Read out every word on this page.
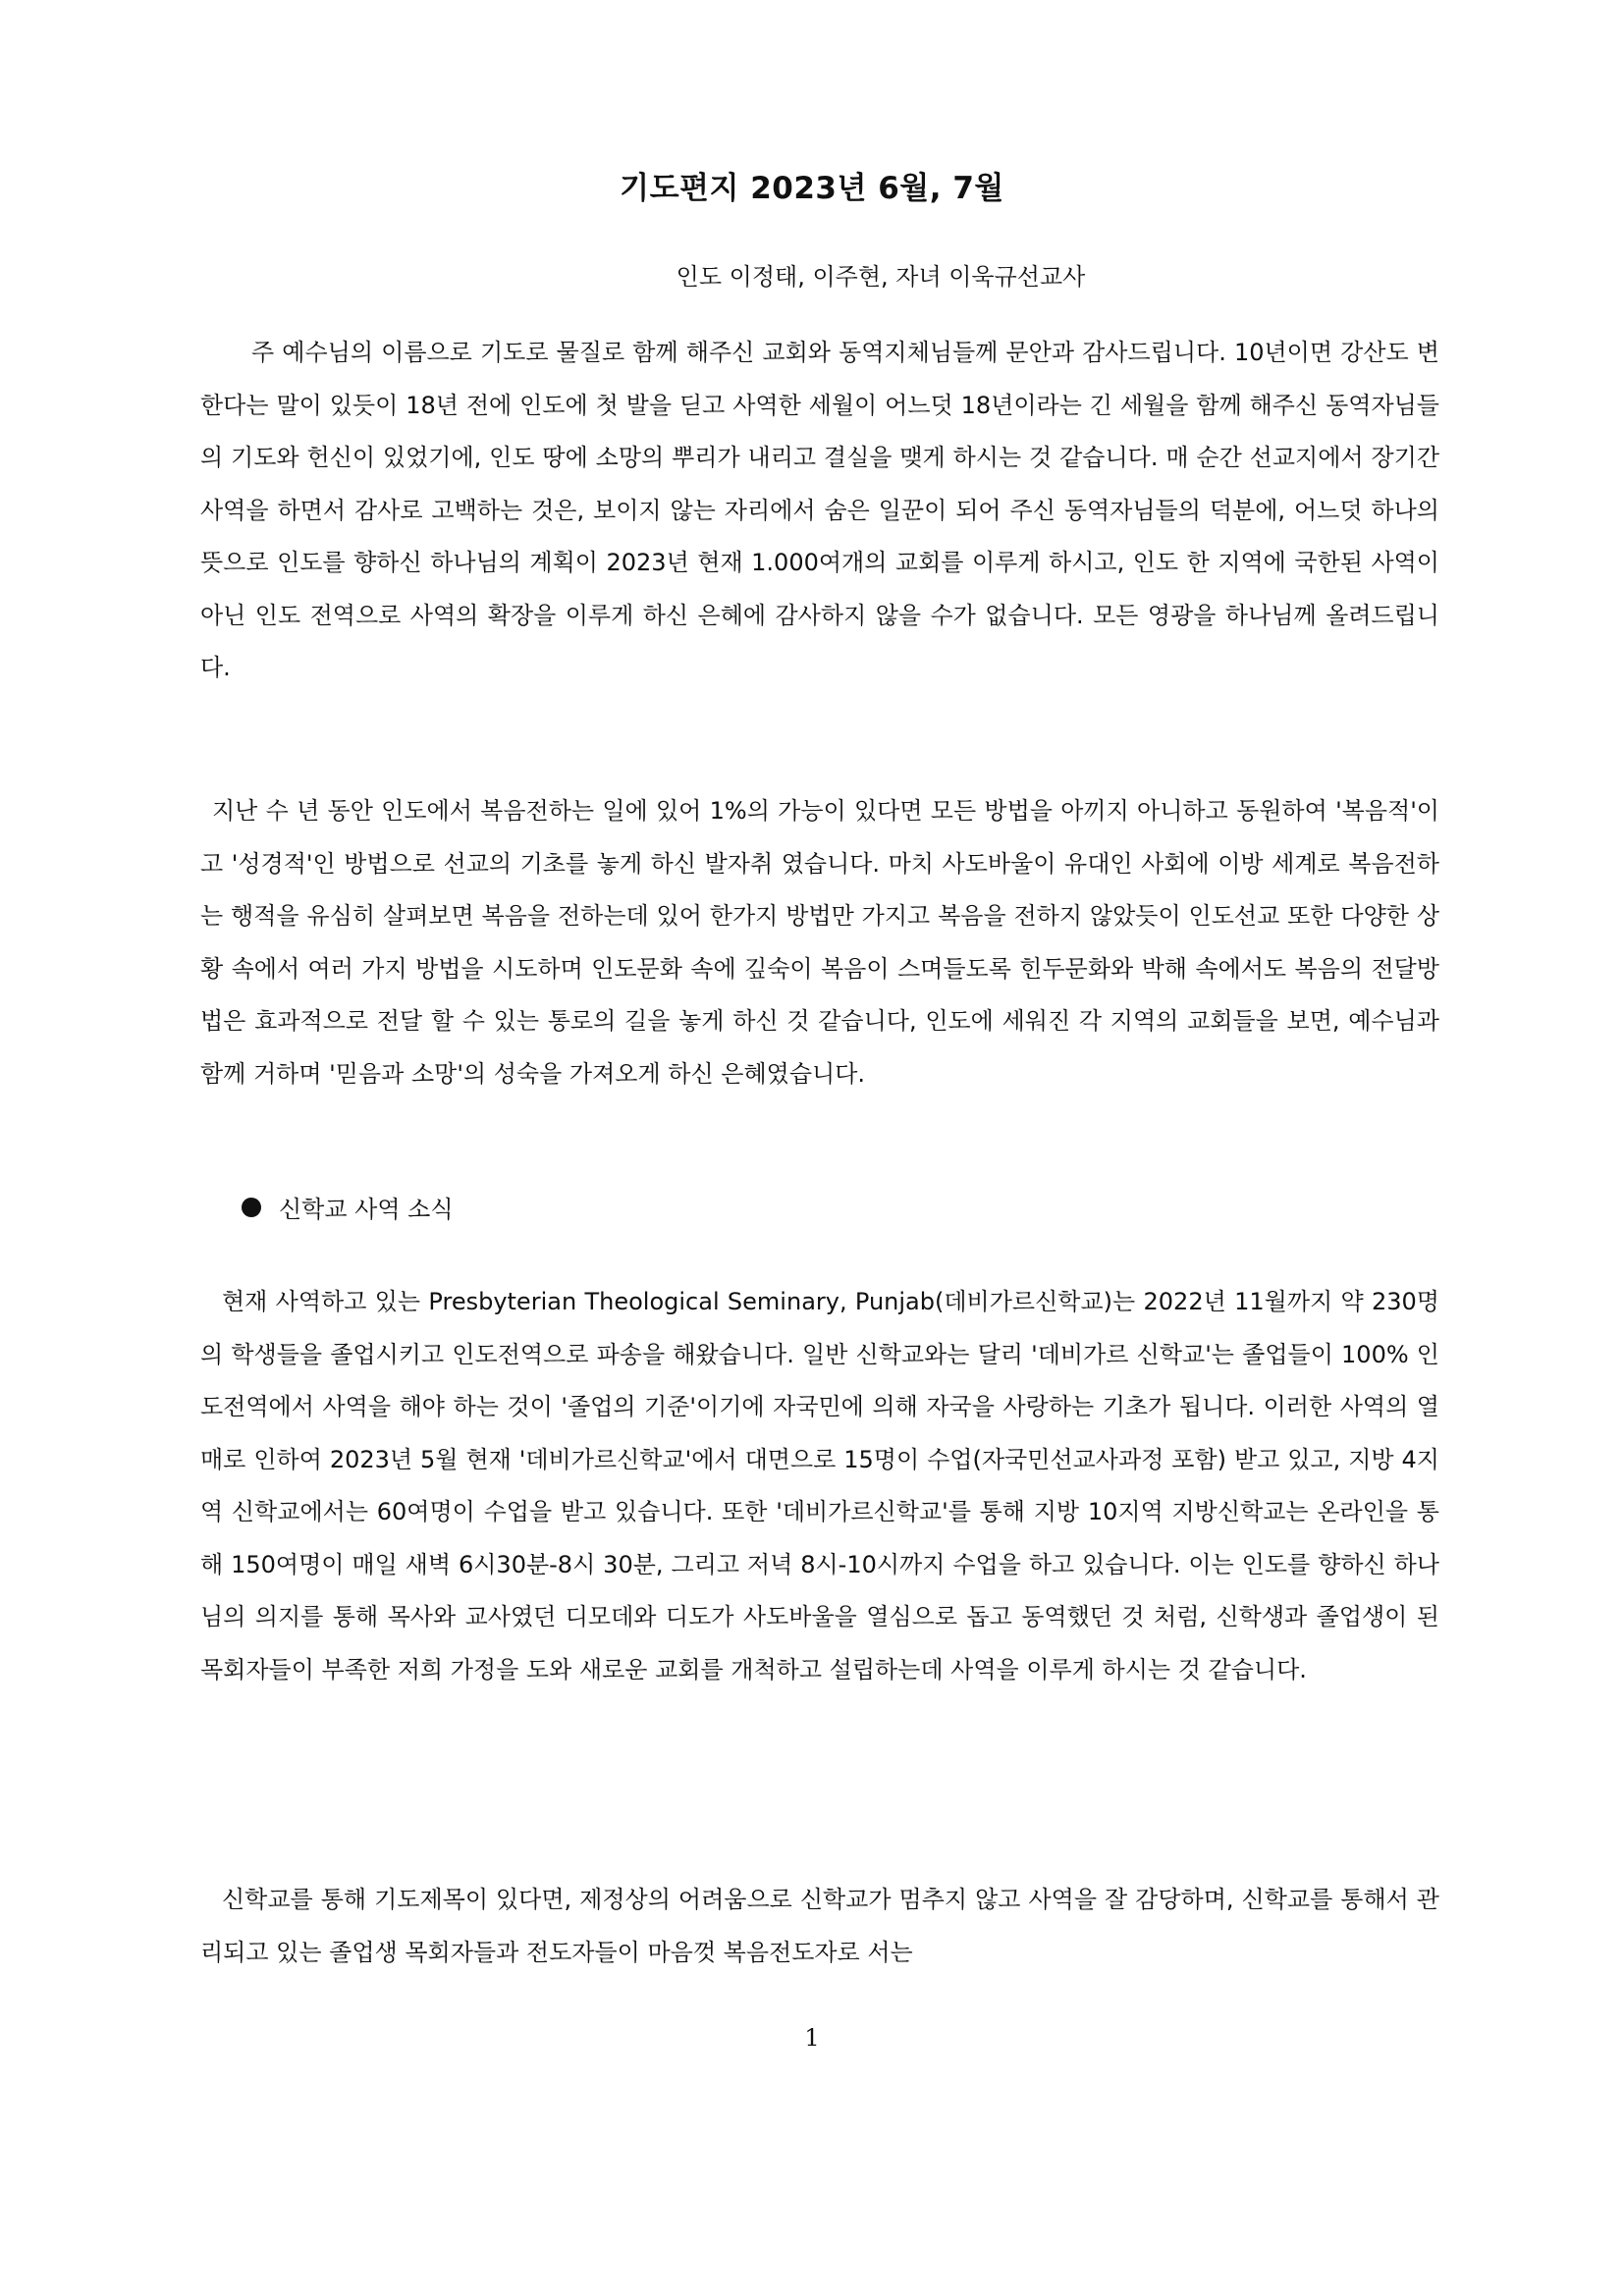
기도편지 2023년 6월, 7월
인도 이정태, 이주현, 자녀 이욱규선교사

주 예수님의 이름으로 기도로 물질로 함께 해주신 교회와 동역지체님들께 문안과 감사드립니다. 10년이면 강산도 변한다는 말이 있듯이 18년 전에 인도에 첫 발을 딛고 사역한 세월이 어느덧 18년이라는 긴 세월을 함께 해주신 동역자님들의 기도와 헌신이 있었기에, 인도 땅에 소망의 뿌리가 내리고 결실을 맺게 하시는 것 같습니다. 매 순간 선교지에서 장기간 사역을 하면서 감사로 고백하는 것은, 보이지 않는 자리에서 숨은 일꾼이 되어 주신 동역자님들의 덕분에, 어느덧 하나의 뜻으로 인도를 향하신 하나님의 계획이 2023년 현재 1.000여개의 교회를 이루게 하시고, 인도 한 지역에 국한된 사역이 아닌 인도 전역으로 사역의 확장을 이루게 하신 은혜에 감사하지 않을 수가 없습니다. 모든 영광을 하나님께 올려드립니다.

지난 수 년 동안 인도에서 복음전하는 일에 있어 1%의 가능이 있다면 모든 방법을 아끼지 아니하고 동원하여 '복음적'이고 '성경적'인 방법으로 선교의 기초를 놓게 하신 발자취 였습니다. 마치 사도바울이 유대인 사회에 이방 세계로 복음전하는 행적을 유심히 살펴보면 복음을 전하는데 있어 한가지 방법만 가지고 복음을 전하지 않았듯이 인도선교 또한 다양한 상황 속에서 여러 가지 방법을 시도하며 인도문화 속에 깊숙이 복음이 스며들도록 힌두문화와 박해 속에서도 복음의 전달방법은 효과적으로 전달 할 수 있는 통로의 길을 놓게 하신 것 같습니다, 인도에 세워진 각 지역의 교회들을 보면, 예수님과 함께 거하며 '믿음과 소망'의 성숙을 가져오게 하신 은혜였습니다.

신학교 사역 소식

현재 사역하고 있는 Presbyterian Theological Seminary, Punjab(데비가르신학교)는 2022년 11월까지 약 230명의 학생들을 졸업시키고 인도전역으로 파송을 해왔습니다. 일반 신학교와는 달리 '데비가르 신학교'는 졸업들이 100% 인도전역에서 사역을 해야 하는 것이 '졸업의 기준'이기에 자국민에 의해 자국을 사랑하는 기초가 됩니다. 이러한 사역의 열매로 인하여 2023년 5월 현재 '데비가르신학교'에서 대면으로 15명이 수업(자국민선교사과정 포함) 받고 있고, 지방 4지역 신학교에서는 60여명이 수업을 받고 있습니다. 또한 '데비가르신학교'를 통해 지방 10지역 지방신학교는 온라인을 통해 150여명이 매일 새벽 6시30분-8시 30분, 그리고 저녁 8시-10시까지 수업을 하고 있습니다. 이는 인도를 향하신 하나님의 의지를 통해 목사와 교사였던 디모데와 디도가 사도바울을 열심으로 돕고 동역했던 것 처럼, 신학생과 졸업생이 된 목회자들이 부족한 저희 가정을 도와 새로운 교회를 개척하고 설립하는데 사역을 이루게 하시는 것 같습니다.

신학교를 통해 기도제목이 있다면, 제정상의 어려움으로 신학교가 멈추지 않고 사역을 잘 감당하며, 신학교를 통해서 관리되고 있는 졸업생 목회자들과 전도자들이 마음껏 복음전도자로 서는

1
